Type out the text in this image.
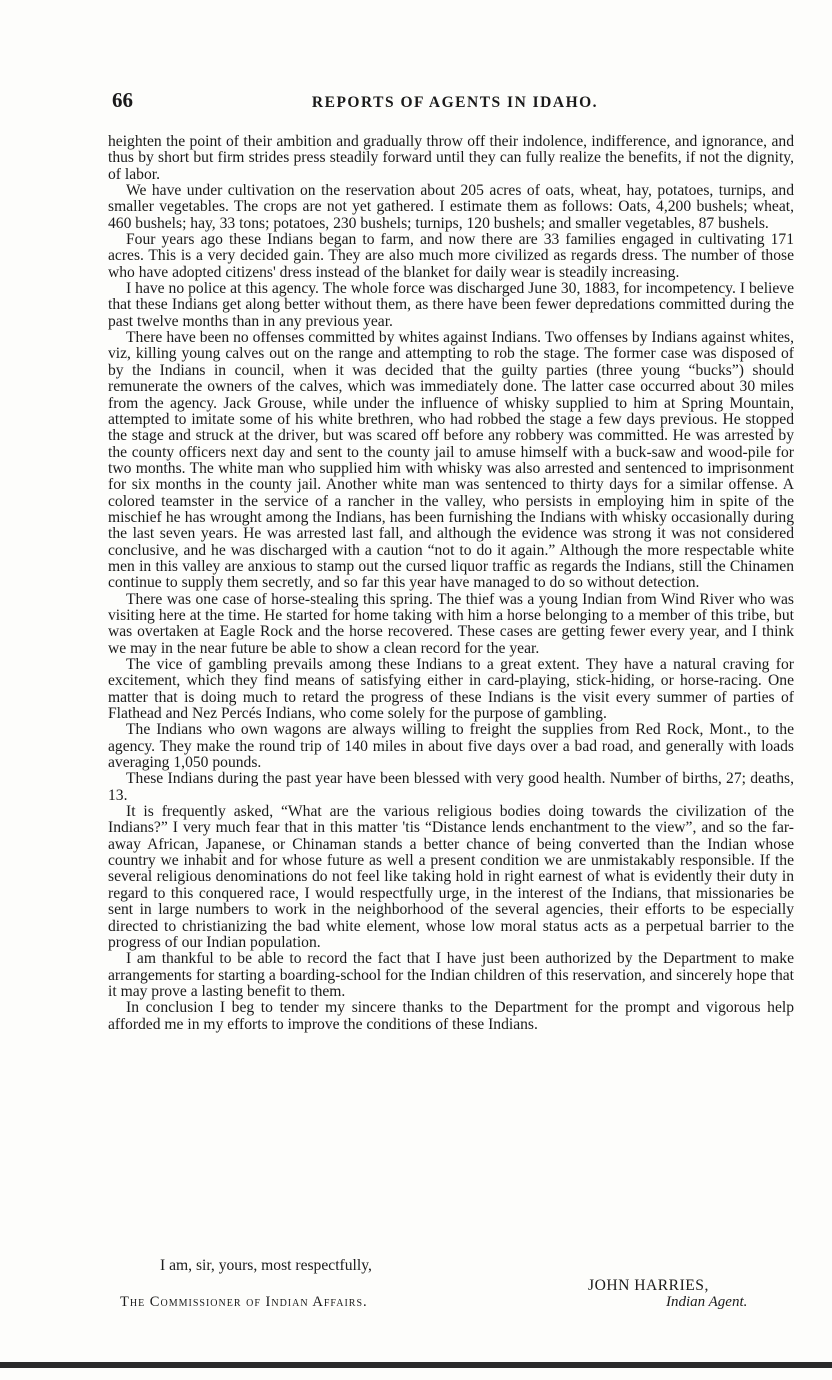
66	REPORTS OF AGENTS IN IDAHO.

heighten the point of their ambition and gradually throw off their indolence, indifference, and ignorance, and thus by short but firm strides press steadily forward until they can fully realize the benefits, if not the dignity, of labor.

We have under cultivation on the reservation about 205 acres of oats, wheat, hay, potatoes, turnips, and smaller vegetables. The crops are not yet gathered. I estimate them as follows: Oats, 4,200 bushels; wheat, 460 bushels; hay, 33 tons; potatoes, 230 bushels; turnips, 120 bushels; and smaller vegetables, 87 bushels.

Four years ago these Indians began to farm, and now there are 33 families engaged in cultivating 171 acres. This is a very decided gain. They are also much more civilized as regards dress. The number of those who have adopted citizens' dress instead of the blanket for daily wear is steadily increasing.

I have no police at this agency. The whole force was discharged June 30, 1883, for incompetency. I believe that these Indians get along better without them, as there have been fewer depredations committed during the past twelve months than in any previous year.

There have been no offenses committed by whites against Indians. Two offenses by Indians against whites, viz, killing young calves out on the range and attempting to rob the stage. The former case was disposed of by the Indians in council, when it was decided that the guilty parties (three young “bucks”) should remunerate the owners of the calves, which was immediately done. The latter case occurred about 30 miles from the agency. Jack Grouse, while under the influence of whisky supplied to him at Spring Mountain, attempted to imitate some of his white brethren, who had robbed the stage a few days previous. He stopped the stage and struck at the driver, but was scared off before any robbery was committed. He was arrested by the county officers next day and sent to the county jail to amuse himself with a buck-saw and wood-pile for two months. The white man who supplied him with whisky was also arrested and sentenced to imprisonment for six months in the county jail. Another white man was sentenced to thirty days for a similar offense. A colored teamster in the service of a rancher in the valley, who persists in employing him in spite of the mischief he has wrought among the Indians, has been furnishing the Indians with whisky occasionally during the last seven years. He was arrested last fall, and although the evidence was strong it was not considered conclusive, and he was discharged with a caution “not to do it again.” Although the more respectable white men in this valley are anxious to stamp out the cursed liquor traffic as regards the Indians, still the Chinamen continue to supply them secretly, and so far this year have managed to do so without detection.

There was one case of horse-stealing this spring. The thief was a young Indian from Wind River who was visiting here at the time. He started for home taking with him a horse belonging to a member of this tribe, but was overtaken at Eagle Rock and the horse recovered. These cases are getting fewer every year, and I think we may in the near future be able to show a clean record for the year.

The vice of gambling prevails among these Indians to a great extent. They have a natural craving for excitement, which they find means of satisfying either in card-playing, stick-hiding, or horse-racing. One matter that is doing much to retard the progress of these Indians is the visit every summer of parties of Flathead and Nez Percés Indians, who come solely for the purpose of gambling.

The Indians who own wagons are always willing to freight the supplies from Red Rock, Mont., to the agency. They make the round trip of 140 miles in about five days over a bad road, and generally with loads averaging 1,050 pounds.

These Indians during the past year have been blessed with very good health. Number of births, 27; deaths, 13.

It is frequently asked, “What are the various religious bodies doing towards the civilization of the Indians?” I very much fear that in this matter 'tis “Distance lends enchantment to the view”, and so the far-away African, Japanese, or Chinaman stands a better chance of being converted than the Indian whose country we inhabit and for whose future as well a present condition we are unmistakably responsible. If the several religious denominations do not feel like taking hold in right earnest of what is evidently their duty in regard to this conquered race, I would respectfully urge, in the interest of the Indians, that missionaries be sent in large numbers to work in the neighborhood of the several agencies, their efforts to be especially directed to christianizing the bad white element, whose low moral status acts as a perpetual barrier to the progress of our Indian population.

I am thankful to be able to record the fact that I have just been authorized by the Department to make arrangements for starting a boarding-school for the Indian children of this reservation, and sincerely hope that it may prove a lasting benefit to them.

In conclusion I beg to tender my sincere thanks to the Department for the prompt and vigorous help afforded me in my efforts to improve the conditions of these Indians.

I am, sir, yours, most respectfully,
JOHN HARRIES,
The Commissioner of Indian Affairs.	Indian Agent.
